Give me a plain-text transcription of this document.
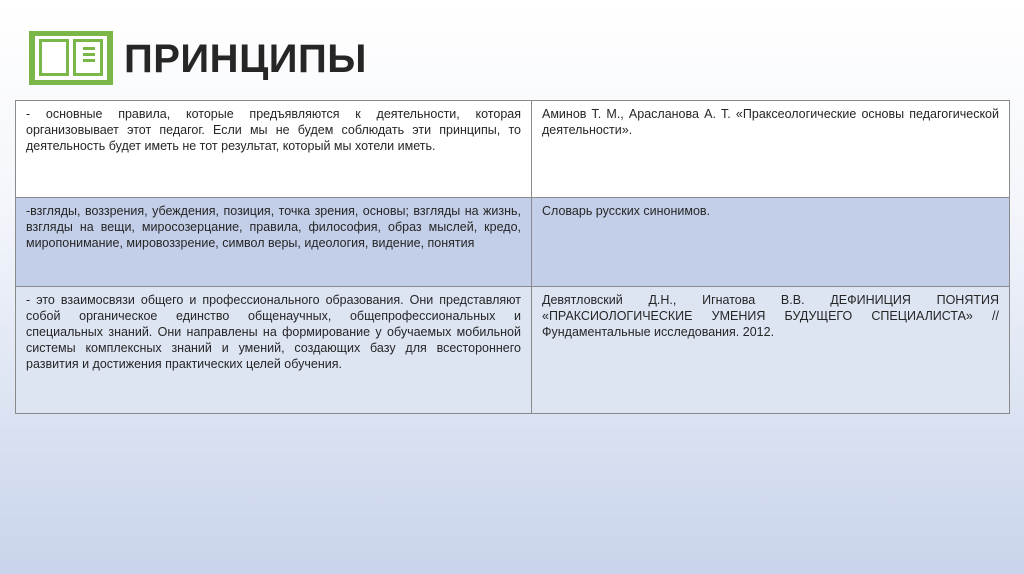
ПРИНЦИПЫ
- основные правила, которые предъявляются к деятельности, которая организовывает этот педагог. Если мы не будем соблюдать эти принципы, то деятельность будет иметь не тот результат, который мы хотели иметь.	Аминов Т. М., Арасланова А. Т. «Праксеологические основы педагогической деятельности».
-взгляды, воззрения, убеждения, позиция, точка зрения, основы; взгляды на жизнь, взгляды на вещи, миросозерцание, правила, философия, образ мыслей, кредо, миропонимание, мировоззрение, символ веры, идеология, видение, понятия	Словарь русских синонимов.
- это взаимосвязи общего и профессионального образования. Они представляют собой органическое единство общенаучных, общепрофессиональных и специальных знаний. Они направлены на формирование у обучаемых мобильной системы комплексных знаний и умений, создающих базу для всестороннего развития и достижения практических целей обучения.	Девятловский Д.Н., Игнатова В.В. ДЕФИНИЦИЯ ПОНЯТИЯ «ПРАКСИОЛОГИЧЕСКИЕ УМЕНИЯ БУДУЩЕГО СПЕЦИАЛИСТА» // Фундаментальные исследования. 2012.
